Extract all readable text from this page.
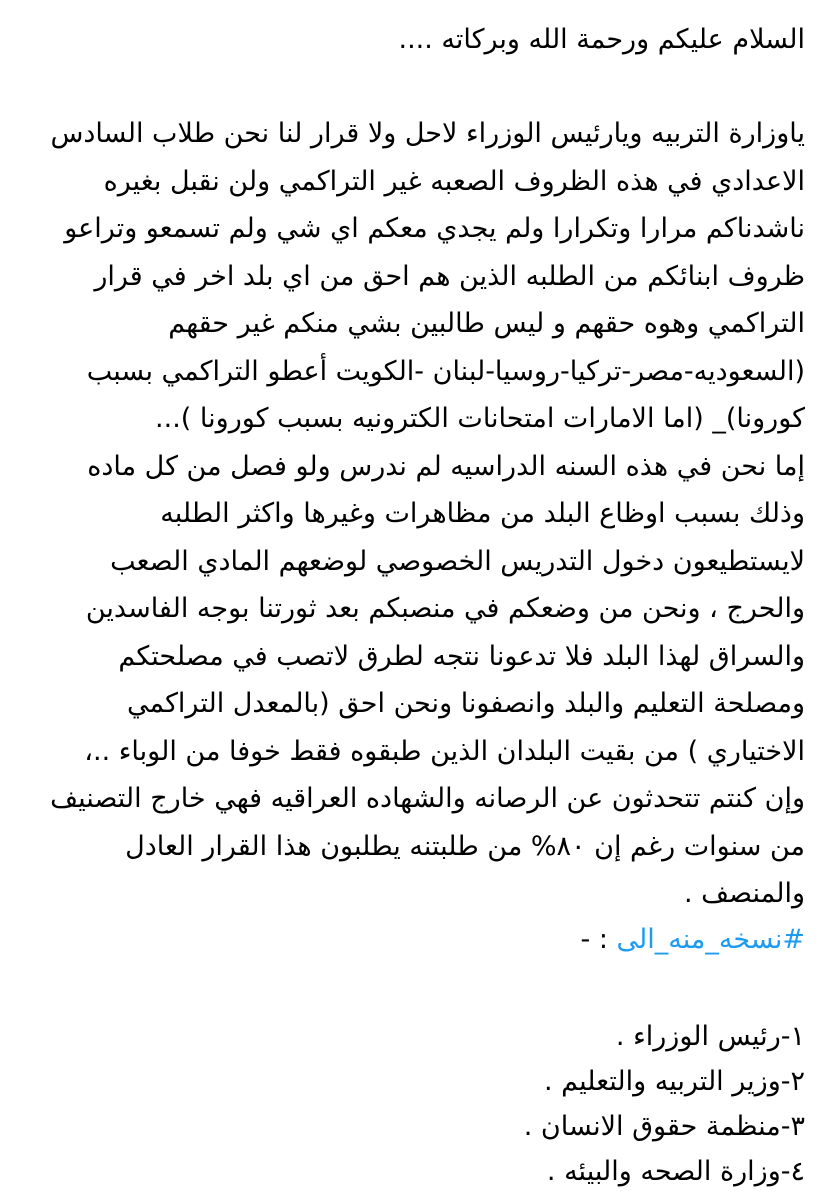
السلام عليكم ورحمة الله وبركاته ....

ياوزارة التربيه ويارئيس الوزراء لاحل ولا قرار لنا نحن طلاب السادس
الاعدادي في هذه الظروف الصعبه غير التراكمي ولن نقبل بغيره
ناشدناكم مرارا وتكرارا ولم يجدي معكم اي شي ولم تسمعو وتراعو
ظروف ابنائكم من الطلبه الذين هم احق من اي بلد اخر في قرار
التراكمي وهوه حقهم و ليس طالبين بشي منكم غير حقهم
(السعوديه-مصر-تركيا-روسيا-لبنان -الكويت أعطو التراكمي بسبب
كورونا)_ (اما الامارات امتحانات الكترونيه بسبب كورونا )...
إما نحن في هذه السنه الدراسيه لم ندرس ولو فصل من كل ماده
وذلك بسبب اوظاع البلد من مظاهرات وغيرها واكثر الطلبه
لايستطيعون دخول التدريس الخصوصي لوضعهم المادي الصعب
والحرج ، ونحن من وضعكم في منصبكم بعد ثورتنا بوجه الفاسدين
والسراق لهذا البلد فلا تدعونا نتجه لطرق لاتصب في مصلحتكم
ومصلحة التعليم والبلد وانصفونا ونحن احق (بالمعدل التراكمي
الاختياري ) من بقيت البلدان الذين طبقوه فقط خوفا من الوباء ..،
وإن كنتم تتحدثون عن الرصانه والشهاده العراقيه فهي خارج التصنيف
من سنوات رغم إن ٨٠% من طلبتنه يطلبون هذا القرار العادل
والمنصف .

#نسخه_منه_الى : -

١-رئيس الوزراء .
٢-وزير التربيه والتعليم .
٣-منظمة حقوق الانسان .
٤-وزارة الصحه والبيئه .
